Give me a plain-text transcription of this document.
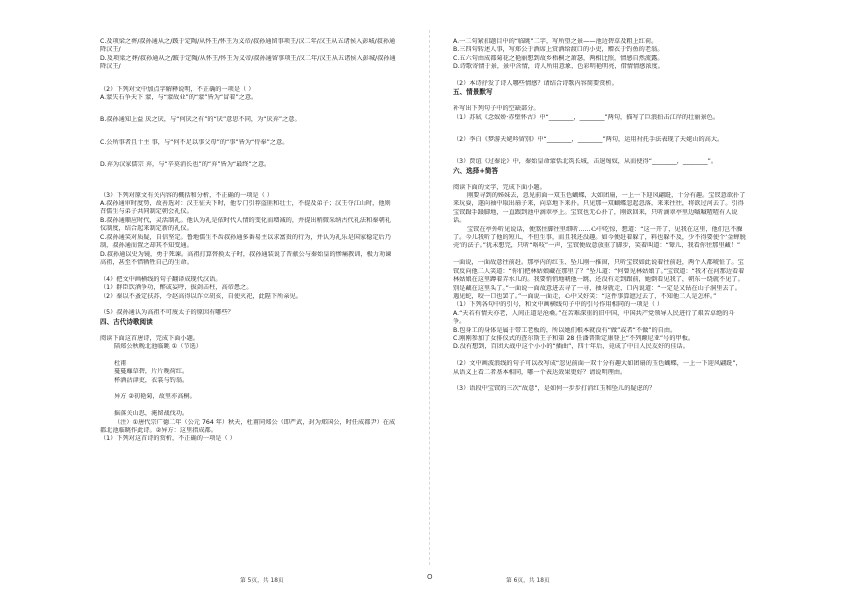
C.及项梁之葬/叔孙通从之/跛于定陶/从怀王/怀王为义帝/叔孙通留事项王/汉二年/汉王从五诸侯入彭城/叔孙通
降汉王/
D.及项梁之葬/叔孙通从之/跛于定陶/从怀王/怀王为义帝/叔孙通留事项王/汉二年/汉王从五诸侯入彭城/叔孙通
降汉王/
（2）下列对文中加点字解释说明，不正确的一项是（ ）
A.蒙失石争天下 蒙，与“蒙故业”的“蒙”皆为“冒着”之意。
B.叔孙通知上益 厌之厌，与“何厌之有”的“厌”意思不同，为“厌弃”之意。
C.公所事者且十主 事，与“何不足以事父母”的“事”皆为“侍奉”之意。
D.弃为汉家儒宗 弃，与“辛莫消长也”的“弃”皆为“最终”之意。
（3）下列对原文有关内容的概括和分析，不正确的一项是（ ）
A.叔孙通审时度势，故善选对：汉王征天下时，他专门引荐盗匪和壮士，不提及弟子；汉王夺江山时，他则
召儒生与弟子共同制定朝会礼仪。
B.叔孙通顺应时代，灵活制礼。他认为礼是依时代人情的变化而增减的，并提出稍微采纳古代礼法和秦朝礼
仪制度，结合起来制定新的礼仪。
C.叔孙通笑对质疑，自信坚定。鲁地儒生不齿叔孙通多番易主以求富贵的行为，并认为礼乐是国家稳定后乃
制，叔孙通而置之却其不知变通。
D.叔孙通以史为镜，勇于死谏。高祖打算替换太子时，叔孙通装说了晋献公与秦始皇的惨痛教训，极力劝谏
高祖，甚至不惜牺牲自己的生命。
（4）把文中画横线的句子翻译成现代汉语。
（1）群臣饮酒争功，醉或妄呼，拔剑击柱，高帝患之。
（2）秦以不蚤定扶苏，令赵高得以诈立胡亥，自使灭祀，此陛下所亲见。
（5）叔孙通认为高祖不可废太子的原因有哪些？
四、古代诗歌阅读
阅读下面这首唐诗，完成下面小题。
陪郑公秋晚北池临眺 ①（节选）
杜甫
蔓蔓蘼草碧，片片晚荷红。
杯酒沾津吏，衣裳与钓翁。
异方 ②初艳菊，故里亦高桐。
摇落关山思，淹留战伐功。
（注）①唐代宗广德二年（公元 764 年）秋天，杜甫同郑公（即严武，封为郑国公，时任成都尹）在成
都北池临眺作此诗。②异方：这里指成都。
（1）下列对这首诗的赏析，不正确的一项是（ ）
第 5页，共 18页	O
A.一二句紧扣题目中的“临眺”二字，写所望之景——池边碧草及粗上红荷。
B.三四句转述人事，写郑公于酒席上赏酒给渡口的小吏，赠衣于钓鱼的老翁。
C.五六句由成都菊花之艳丽想到故乡梧桐之萧瑟，两相比照，情感自然流露。
D.诗歌寄情于景，景中含情，诗人所用意象，色彩明艳明亮，借情情感浓度。
（2）本诗抒发了诗人哪些情感？请结合诗歌内容简要赏析。
五、情景默写
补写出下列句子中的空缺部分。
（1）苏轼《念奴娇·赤壁怀古》中“________，________”两句，描写了巨浪拍击江岸的壮丽景色。
（2）李白《梦游天姥吟留别》中“________，________”两句，运用衬托手法表现了天姥山的高大。
（3）贾谊《过秦论》中，秦始皇命蒙恬北筑长城，击退匈奴，从而使得“________，________”。
六、选择+简答
阅读下面的文字，完成下面小题。
刚要寻到的姊妹去，忽见前面一双玉色蝴蝶，大如团扇，一上一下迎风翩跹，十分有趣。宝钗意欲扑了
来玩耍，遂向袖中取出扇子来，向草地下来扑。只见那一双蝴蝶忽起忽落，来来往往，将欲过河去了。引得
宝钗蹑手蹑脚地，一直跟到池中滴翠亭上。宝钗也无心扑了，刚欲回来，只听滴翠亭里边嘁嘁喳喳有人说
话。
宝钗在亭外听见说话，便煞住脚往里细听……心中吃惊，想道：“这一开了，见我在这里，他们岂不臊
了。今儿我听了他的短儿，不但生事，而且我还没趣。如今便赶着躲了，料也躲不及，少不得要使个‘金蝉脱
壳’的法子。”犹未想完，只听“咯吱”一声，宝钗便故意放重了脚步，笑着叫道：“颦儿，我看你往那里藏！”
一面说，一面故意往前赶。那亭内的红玉、坠儿刚一推窗，只听宝钗如此说着往前赶，两个人都唬怔了。宝
钗反向他二人笑道：“你们把林姑娘藏在那里了？”坠儿道：“何曾见林姑娘了。”宝钗道：“我才在河那边看着
林姑娘在这里蹲着弄水儿的。我要悄悄地唬他一跳，还没有走到跟前，她倒看见我了，朝东一绕就不见了。
别是藏在这里头了。”一面说一面故意进去寻了一寻，抽身就走，口内说道：“一定是又钻在山子洞里去了。
遇见蛇，咬一口也罢了。”一面说一面走，心中又好笑：“这件事算遮过去了，不知他二人是怎样。”
（1）下列各句中的引号，和文中画横线句子中的引号作用相同的一项是（ ）
A.“天若有情天亦老，人间正道是沧桑。”在苦难深重的旧中国，中国共产党领导人民进行了艰苦卓绝的斗
争。
B.包身工的身体是属于带工老板的，所以她们根本就没有“做”或者“不做”的自由。
C.刚刚参加了女排仪式的查尔斯王子和第 28 任潘普斯定康登上“不列颠尼亚”号的甲板。
D.没有想到，百团大战中这个小小的“插曲”，四十年后，竟成了中日人民友好的佳话。
（2）文中画波浪线的句子可以改写成“忽见前面一双十分有趣大如团扇的玉色蝴蝶，一上一下迎风翩跹”，
从语义上看二者基本相同，哪一个表达效果更好？请说明理由。
（3）语段中宝钗的三次“故意”，是如何一步步打消红玉和坠儿的疑虑的？
第 6页，共 18页
